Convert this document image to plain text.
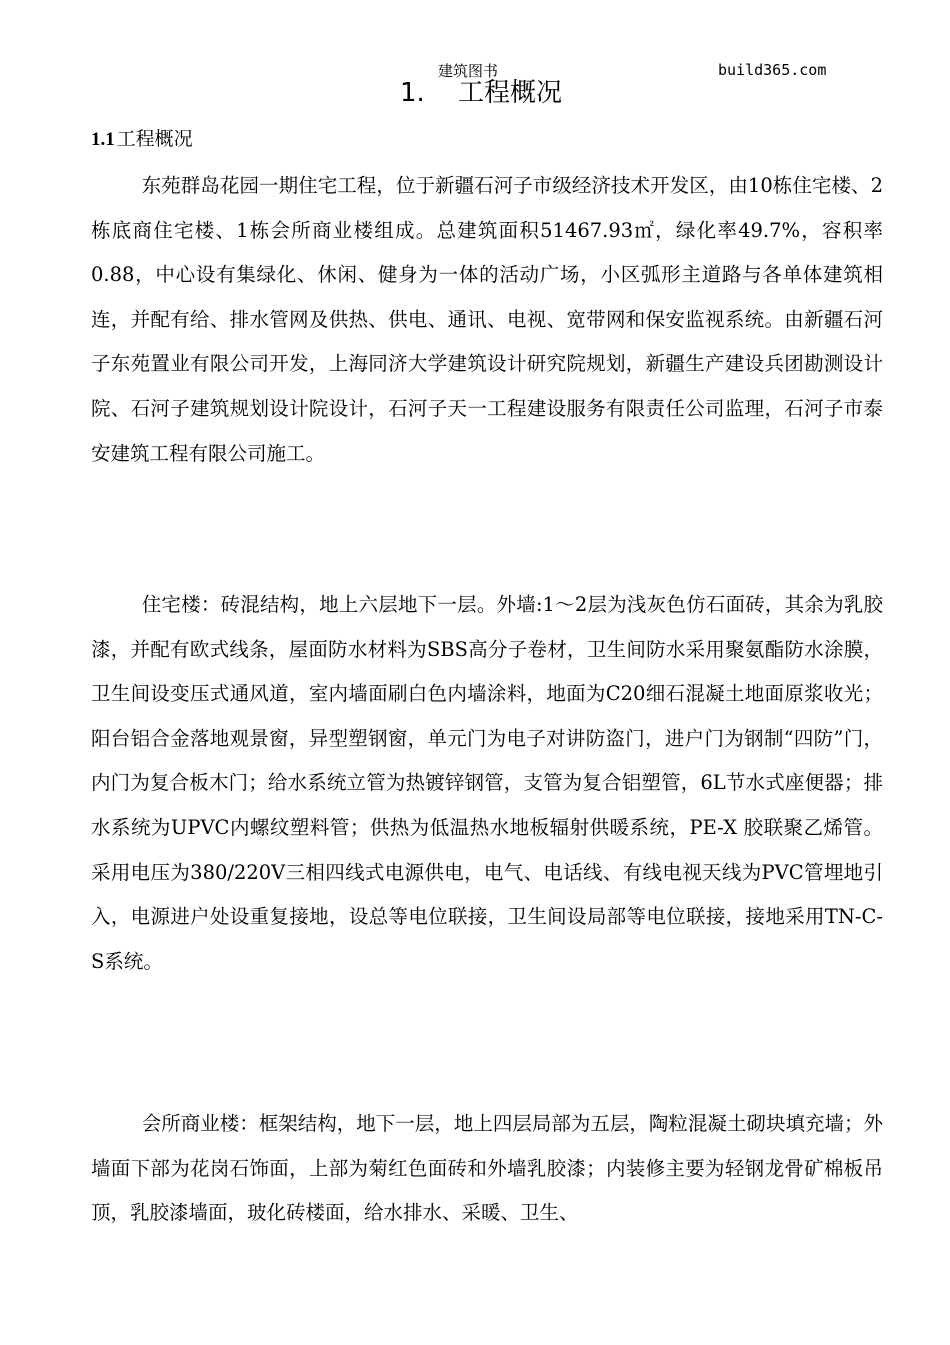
建筑图书	build365.com
1. 工程概况
1.1  工程概况

东苑群岛花园一期住宅工程，位于新疆石河子市级经济技术开发区，由10栋住宅楼、2栋底商住宅楼、1栋会所商业楼组成。总建筑面积51467.93㎡，绿化率49.7%，容积率0.88，中心设有集绿化、休闲、健身为一体的活动广场，小区弧形主道路与各单体建筑相连，并配有给、排水管网及供热、供电、通讯、电视、宽带网和保安监视系统。由新疆石河子东苑置业有限公司开发，上海同济大学建筑设计研究院规划，新疆生产建设兵团勘测设计院、石河子建筑规划设计院设计，石河子天一工程建设服务有限责任公司监理，石河子市泰安建筑工程有限公司施工。

住宅楼：砖混结构，地上六层地下一层。外墙:1～2层为浅灰色仿石面砖，其余为乳胶漆，并配有欧式线条，屋面防水材料为SBS高分子卷材，卫生间防水采用聚氨酯防水涂膜，卫生间设变压式通风道，室内墙面刷白色内墙涂料，地面为C20细石混凝土地面原浆收光；阳台铝合金落地观景窗，异型塑钢窗，单元门为电子对讲防盗门，进户门为钢制“四防”门，内门为复合板木门；给水系统立管为热镀锌钢管，支管为复合铝塑管，6L节水式座便器；排水系统为UPVC内螺纹塑料管；供热为低温热水地板辐射供暖系统，PE-X 胶联聚乙烯管。采用电压为380/220V三相四线式电源供电，电气、电话线、有线电视天线为PVC管埋地引入，电源进户处设重复接地，设总等电位联接，卫生间设局部等电位联接，接地采用TN-C-S系统。

会所商业楼：框架结构，地下一层，地上四层局部为五层，陶粒混凝土砌块填充墙；外墙面下部为花岗石饰面，上部为菊红色面砖和外墙乳胶漆；内装修主要为轻钢龙骨矿棉板吊顶，乳胶漆墙面，玻化砖楼面，给水排水、采暖、卫生、
